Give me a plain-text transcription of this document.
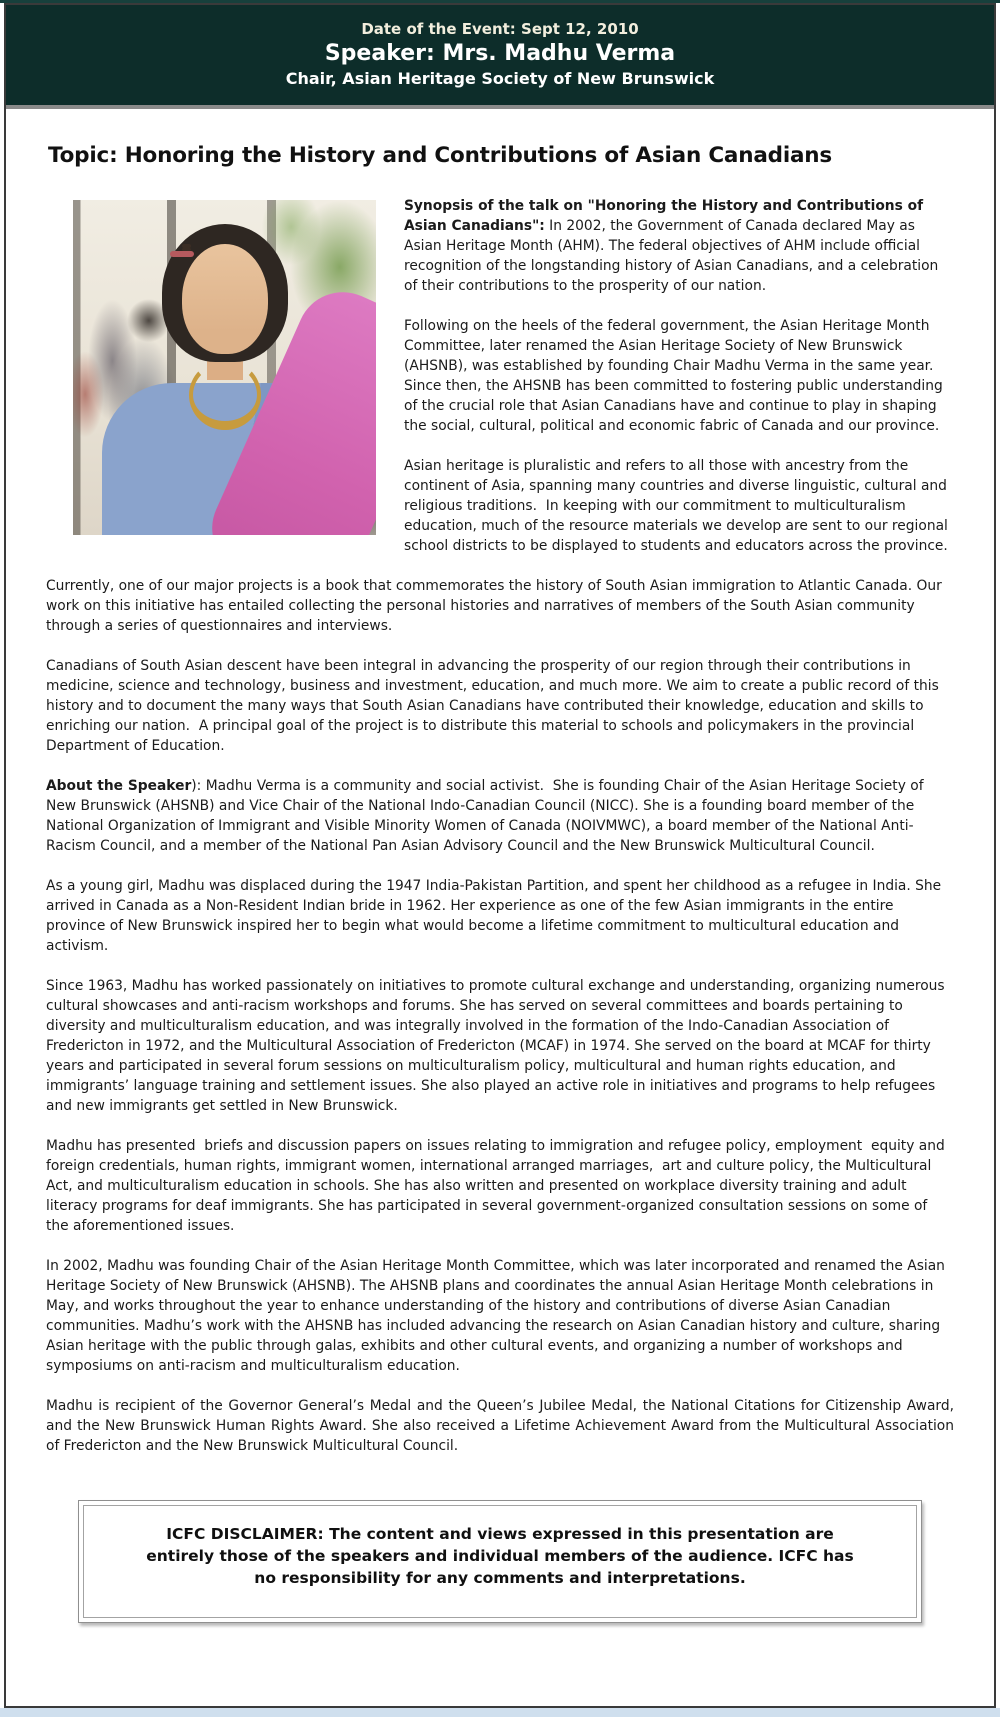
Date of the Event: Sept 12, 2010
Speaker: Mrs. Madhu Verma
Chair, Asian Heritage Society of New Brunswick
Topic: Honoring the History and Contributions of Asian Canadians

Synopsis of the talk on "Honoring the History and Contributions of Asian Canadians": In 2002, the Government of Canada declared May as Asian Heritage Month (AHM). The federal objectives of AHM include official recognition of the longstanding history of Asian Canadians, and a celebration of their contributions to the prosperity of our nation.

Following on the heels of the federal government, the Asian Heritage Month Committee, later renamed the Asian Heritage Society of New Brunswick (AHSNB), was established by founding Chair Madhu Verma in the same year. Since then, the AHSNB has been committed to fostering public understanding of the crucial role that Asian Canadians have and continue to play in shaping the social, cultural, political and economic fabric of Canada and our province.

Asian heritage is pluralistic and refers to all those with ancestry from the continent of Asia, spanning many countries and diverse linguistic, cultural and religious traditions.  In keeping with our commitment to multiculturalism education, much of the resource materials we develop are sent to our regional school districts to be displayed to students and educators across the province.

Currently, one of our major projects is a book that commemorates the history of South Asian immigration to Atlantic Canada. Our work on this initiative has entailed collecting the personal histories and narratives of members of the South Asian community through a series of questionnaires and interviews.

Canadians of South Asian descent have been integral in advancing the prosperity of our region through their contributions in medicine, science and technology, business and investment, education, and much more. We aim to create a public record of this history and to document the many ways that South Asian Canadians have contributed their knowledge, education and skills to enriching our nation.  A principal goal of the project is to distribute this material to schools and policymakers in the provincial Department of Education.

About the Speaker): Madhu Verma is a community and social activist.  She is founding Chair of the Asian Heritage Society of New Brunswick (AHSNB) and Vice Chair of the National Indo-Canadian Council (NICC). She is a founding board member of the National Organization of Immigrant and Visible Minority Women of Canada (NOIVMWC), a board member of the National Anti-Racism Council, and a member of the National Pan Asian Advisory Council and the New Brunswick Multicultural Council.

As a young girl, Madhu was displaced during the 1947 India-Pakistan Partition, and spent her childhood as a refugee in India. She arrived in Canada as a Non-Resident Indian bride in 1962. Her experience as one of the few Asian immigrants in the entire province of New Brunswick inspired her to begin what would become a lifetime commitment to multicultural education and activism.

Since 1963, Madhu has worked passionately on initiatives to promote cultural exchange and understanding, organizing numerous cultural showcases and anti-racism workshops and forums. She has served on several committees and boards pertaining to diversity and multiculturalism education, and was integrally involved in the formation of the Indo-Canadian Association of Fredericton in 1972, and the Multicultural Association of Fredericton (MCAF) in 1974. She served on the board at MCAF for thirty years and participated in several forum sessions on multiculturalism policy, multicultural and human rights education, and immigrants’ language training and settlement issues. She also played an active role in initiatives and programs to help refugees and new immigrants get settled in New Brunswick.

Madhu has presented  briefs and discussion papers on issues relating to immigration and refugee policy, employment  equity and foreign credentials, human rights, immigrant women, international arranged marriages,  art and culture policy, the Multicultural Act, and multiculturalism education in schools. She has also written and presented on workplace diversity training and adult literacy programs for deaf immigrants. She has participated in several government-organized consultation sessions on some of the aforementioned issues.

In 2002, Madhu was founding Chair of the Asian Heritage Month Committee, which was later incorporated and renamed the Asian Heritage Society of New Brunswick (AHSNB). The AHSNB plans and coordinates the annual Asian Heritage Month celebrations in May, and works throughout the year to enhance understanding of the history and contributions of diverse Asian Canadian communities. Madhu’s work with the AHSNB has included advancing the research on Asian Canadian history and culture, sharing Asian heritage with the public through galas, exhibits and other cultural events, and organizing a number of workshops and symposiums on anti-racism and multiculturalism education.

Madhu is recipient of the Governor General’s Medal and the Queen’s Jubilee Medal, the National Citations for Citizenship Award, and the New Brunswick Human Rights Award. She also received a Lifetime Achievement Award from the Multicultural Association of Fredericton and the New Brunswick Multicultural Council.

ICFC DISCLAIMER: The content and views expressed in this presentation are entirely those of the speakers and individual members of the audience. ICFC has no responsibility for any comments and interpretations.
